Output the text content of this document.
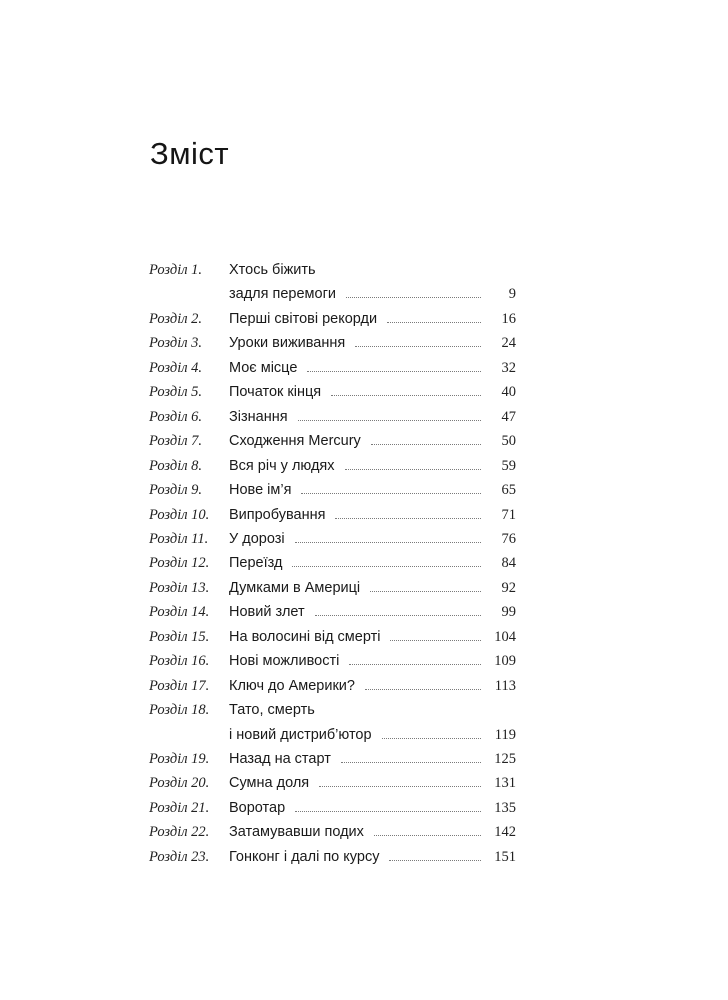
Зміст
Розділ 1. Хтось біжить
задля перемоги	9
Розділ 2. Перші світові рекорди	16
Розділ 3. Уроки виживання	24
Розділ 4. Моє місце	32
Розділ 5. Початок кінця	40
Розділ 6. Зізнання	47
Розділ 7. Сходження Mercury	50
Розділ 8. Вся річ у людях	59
Розділ 9. Нове ім’я	65
Розділ 10. Випробування	71
Розділ 11. У дорозі	76
Розділ 12. Переїзд	84
Розділ 13. Думками в Америці	92
Розділ 14. Новий злет	99
Розділ 15. На волосині від смерті	104
Розділ 16. Нові можливості	109
Розділ 17. Ключ до Америки?	113
Розділ 18. Тато, смерть
і новий дистриб’ютор	119
Розділ 19. Назад на старт	125
Розділ 20. Сумна доля	131
Розділ 21. Воротар	135
Розділ 22. Затамувавши подих	142
Розділ 23. Гонконг і далі по курсу	151
